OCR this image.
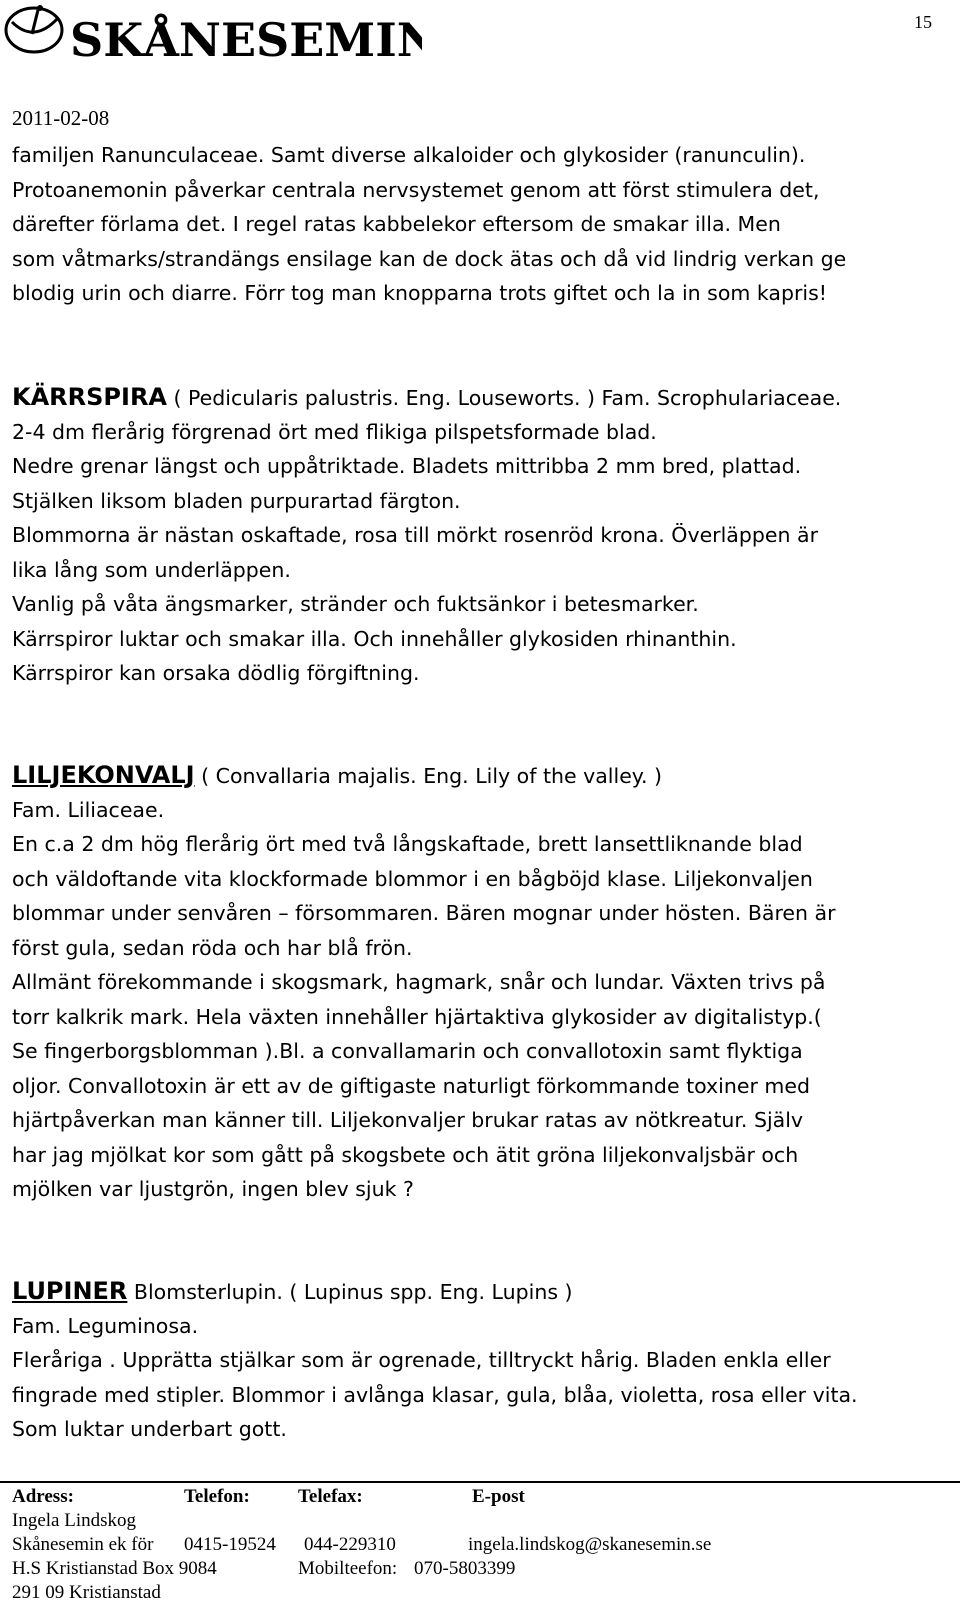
SKÅNESEMIN	15
2011-02-08
familjen Ranunculaceae. Samt diverse alkaloider och glykosider (ranunculin).
Protoanemonin påverkar centrala nervsystemet genom att först stimulera det,
därefter förlama det. I regel ratas kabbelekor eftersom de smakar illa. Men
som våtmarks/strandängs ensilage kan de dock ätas och då vid lindrig verkan ge
blodig urin och diarre. Förr tog man knopparna trots giftet och la in som kapris!
KÄRRSPIRA ( Pedicularis palustris. Eng. Louseworts. ) Fam. Scrophulariaceae.
2-4 dm flerårig förgrenad ört med flikiga pilspetsformade blad.
Nedre grenar längst och uppåtriktade. Bladets mittribba 2 mm bred, plattad.
Stjälken liksom bladen purpurartad färgton.
Blommorna är nästan oskaftade, rosa till mörkt rosenröd krona. Överläppen är
lika lång som underläppen.
Vanlig på våta ängsmarker, stränder och fuktsänkor i betesmarker.
Kärrspiror luktar och smakar illa. Och innehåller glykosiden rhinanthin.
Kärrspiror kan orsaka dödlig förgiftning.
LILJEKONVALJ ( Convallaria majalis. Eng. Lily of the valley. )
Fam. Liliaceae.
En c.a 2 dm hög flerårig ört med två långskaftade, brett lansettliknande blad
och väldoftande vita klockformade blommor i en bågböjd klase. Liljekonvaljen
blommar under senvåren – försommaren. Bären mognar under hösten. Bären är
först gula, sedan röda och har blå frön.
Allmänt förekommande i skogsmark, hagmark, snår och lundar. Växten trivs på
torr kalkrik mark. Hela växten innehåller hjärtaktiva glykosider av digitalistyp.(
Se fingerborgsblomman ).Bl. a convallamarin och convallotoxin samt flyktiga
oljor. Convallotoxin är ett av de giftigaste naturligt förkommande toxiner med
hjärtpåverkan man känner till. Liljekonvaljer brukar ratas av nötkreatur. Själv
har jag mjölkat kor som gått på skogsbete och ätit gröna liljekonvaljsbär och
mjölken var ljustgrön, ingen blev sjuk ?
LUPINER Blomsterlupin. ( Lupinus spp. Eng. Lupins )
Fam. Leguminosa.
Fleråriga . Upprätta stjälkar som är ogrenade, tilltryckt hårig. Bladen enkla eller
fingrade med stipler. Blommor i avlånga klasar, gula, blåa, violetta, rosa eller vita.
Som luktar underbart gott.
Adress:	Telefon:	Telefax:	E-post
Ingela Lindskog
Skånesemin ek för 0415-19524 044-229310	ingela.lindskog@skanesemin.se
H.S Kristianstad Box 9084	Mobilteefon: 070-5803399
291 09 Kristianstad
